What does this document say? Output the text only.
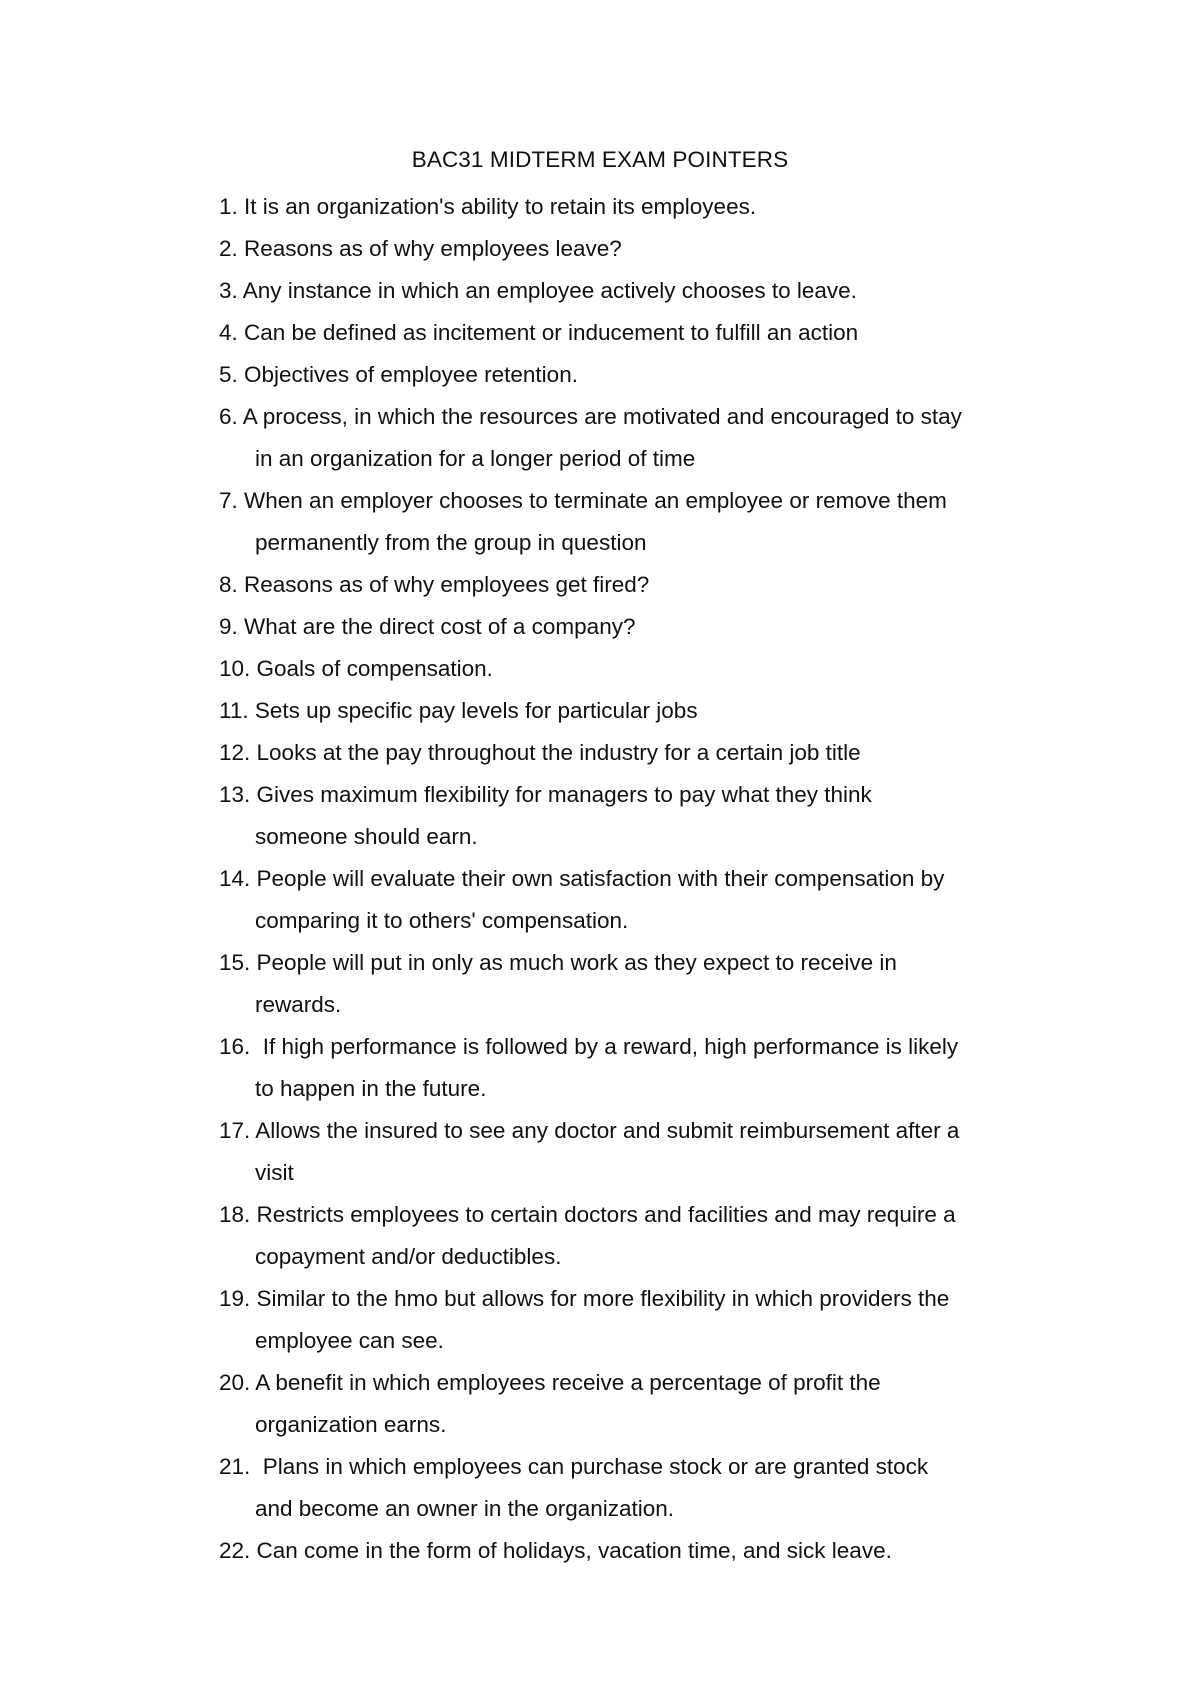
BAC31 MIDTERM EXAM POINTERS
1. It is an organization's ability to retain its employees.
2. Reasons as of why employees leave?
3. Any instance in which an employee actively chooses to leave.
4. Can be defined as incitement or inducement to fulfill an action
5. Objectives of employee retention.
6. A process, in which the resources are motivated and encouraged to stay
in an organization for a longer period of time
7. When an employer chooses to terminate an employee or remove them
permanently from the group in question
8. Reasons as of why employees get fired?
9. What are the direct cost of a company?
10. Goals of compensation.
11. Sets up specific pay levels for particular jobs
12. Looks at the pay throughout the industry for a certain job title
13. Gives maximum flexibility for managers to pay what they think
someone should earn.
14. People will evaluate their own satisfaction with their compensation by
comparing it to others' compensation.
15. People will put in only as much work as they expect to receive in
rewards.
16.  If high performance is followed by a reward, high performance is likely
to happen in the future.
17. Allows the insured to see any doctor and submit reimbursement after a
visit
18. Restricts employees to certain doctors and facilities and may require a
copayment and/or deductibles.
19. Similar to the hmo but allows for more flexibility in which providers the
employee can see.
20. A benefit in which employees receive a percentage of profit the
organization earns.
21.  Plans in which employees can purchase stock or are granted stock
and become an owner in the organization.
22. Can come in the form of holidays, vacation time, and sick leave.
